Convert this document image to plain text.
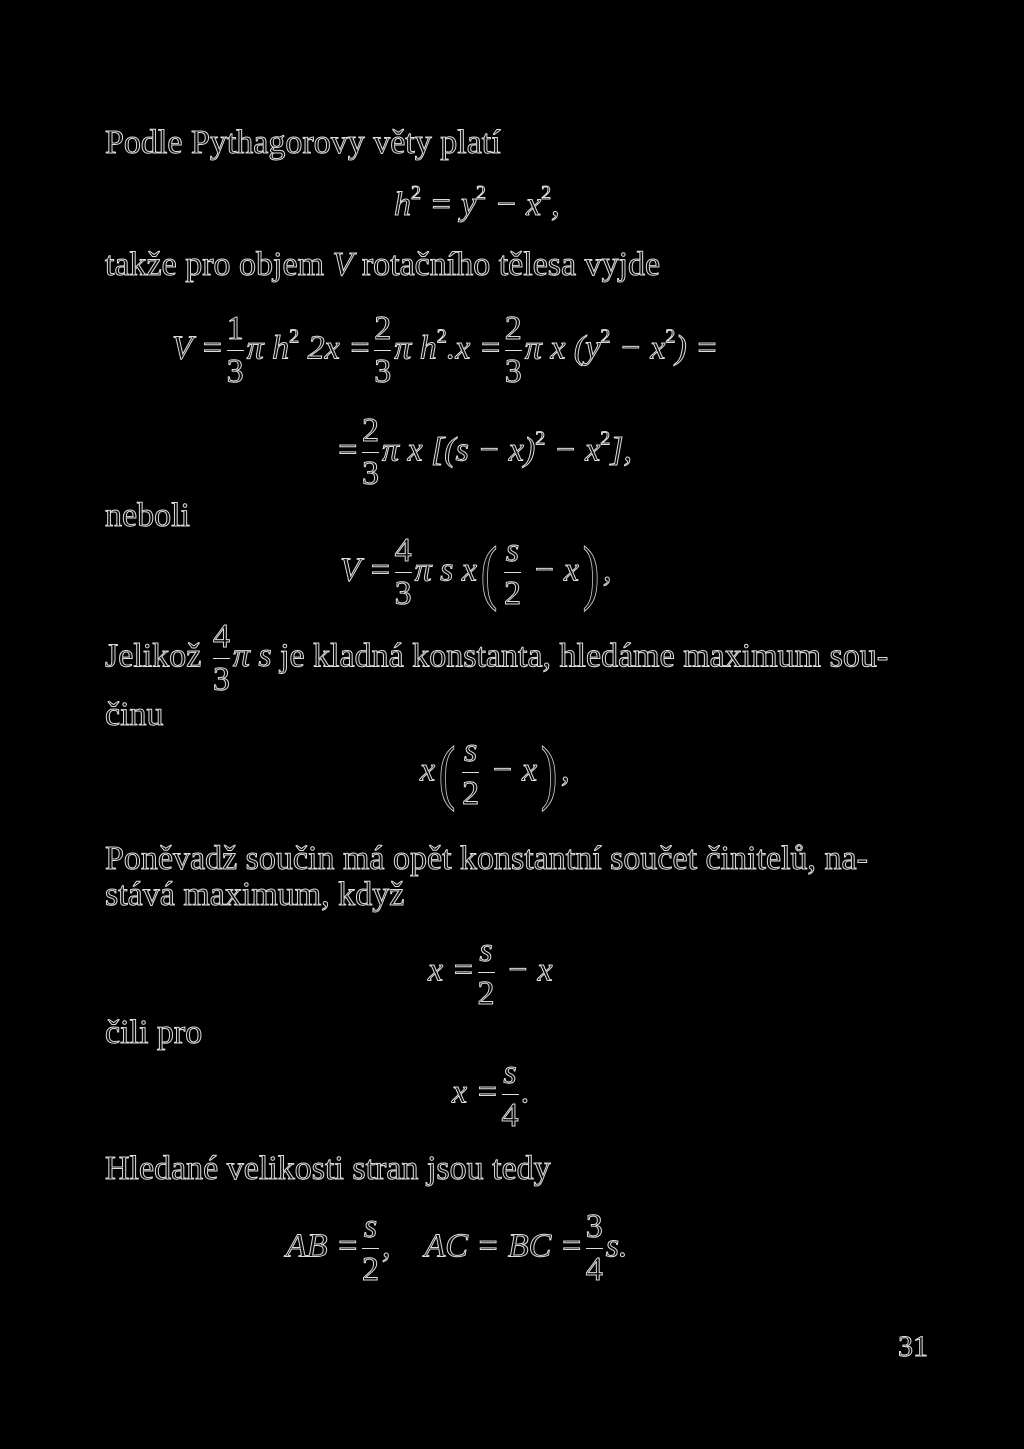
Podle Pythagorovy věty platí
$h^2 = y^2 - x^2$,
takže pro objem V rotačního tělesa vyjde
$V = \frac{1}{3}$ π $h^2$ $2x = \frac{2}{3}$ π $h^2.x = \frac{2}{3}$ π x $(y^2 - x^2)$ =
= $\frac{2}{3}$ π x $[(s - x)^2 - x^2]$,
neboli
$V = \frac{4}{3}$ π s $x( \frac{s}{2} - x)$ ,
Jelikož $\frac{4}{3}$ π s je kladná konstanta, hledáme maximum sou-
činu
$x( \frac{s}{2} - x)$ ,
Poněvadž součin má opět konstantní součet činitelů, na-
stává maximum, když
$x = \frac{s}{2} - x$
čili pro
$x = \frac{s}{4}$ .
Hledané velikosti stran jsou tedy
AB = $\frac{s}{2}$ ,    AC = BC = $\frac{3}{4} s$.
31
